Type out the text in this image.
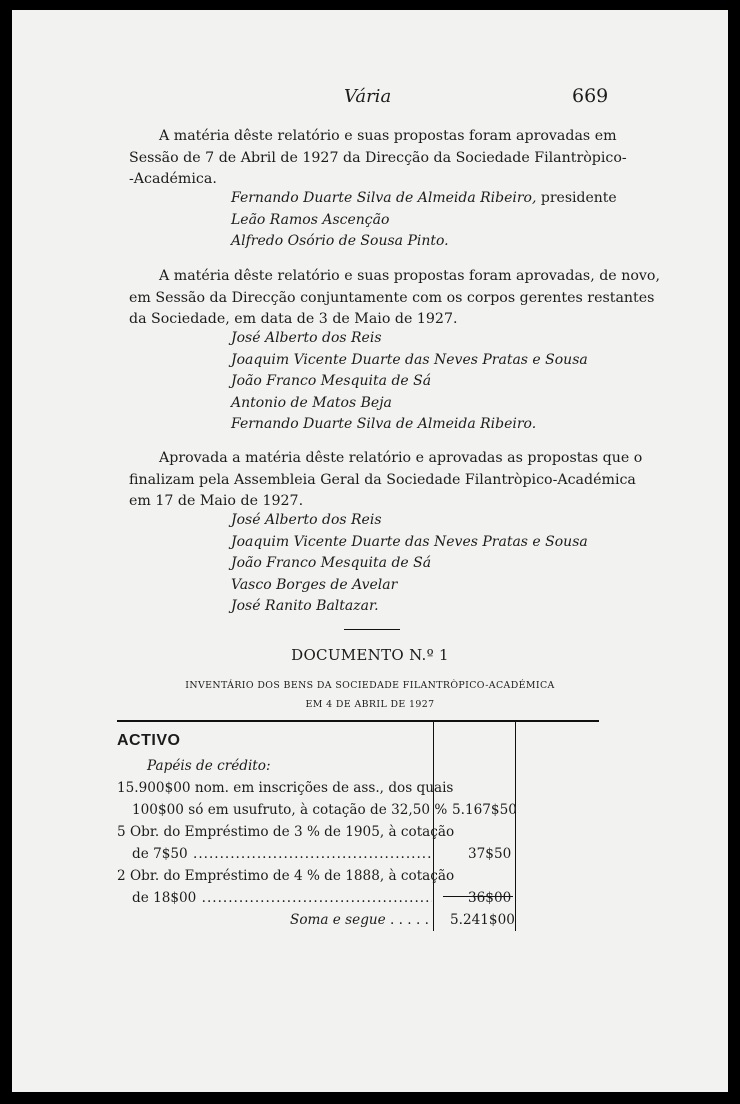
Vária	669
A matéria dêste relatório e suas propostas foram aprovadas em
Sessão de 7 de Abril de 1927 da Direcção da Sociedade Filantròpico-
-Académica.
Fernando Duarte Silva de Almeida Ribeiro, presidente
Leão Ramos Ascenção
Alfredo Osório de Sousa Pinto.
A matéria dêste relatório e suas propostas foram aprovadas, de novo,
em Sessão da Direcção conjuntamente com os corpos gerentes restantes
da Sociedade, em data de 3 de Maio de 1927.
José Alberto dos Reis
Joaquim Vicente Duarte das Neves Pratas e Sousa
João Franco Mesquita de Sá
Antonio de Matos Beja
Fernando Duarte Silva de Almeida Ribeiro.
Aprovada a matéria dêste relatório e aprovadas as propostas que o
finalizam pela Assembleia Geral da Sociedade Filantròpico-Académica
em 17 de Maio de 1927.
José Alberto dos Reis
Joaquim Vicente Duarte das Neves Pratas e Sousa
João Franco Mesquita de Sá
Vasco Borges de Avelar
José Ranito Baltazar.
DOCUMENTO N.º 1
INVENTÁRIO DOS BENS DA SOCIEDADE FILANTRÒPICO-ACADÉMICA
EM 4 DE ABRIL DE 1927
ACTIVO
Papéis de crédito:
15.900$00 nom. em inscrições de ass., dos quais
100$00 só em usufruto, à cotação de 32,50 % 5.167$50
5 Obr. do Empréstimo de 3 % de 1905, à cotação
de 7$50 .....	37$50
2 Obr. do Empréstimo de 4 % de 1888, à cotação
de 18$00 .....	36$00
Soma e segue . . . . . 5.241$00
